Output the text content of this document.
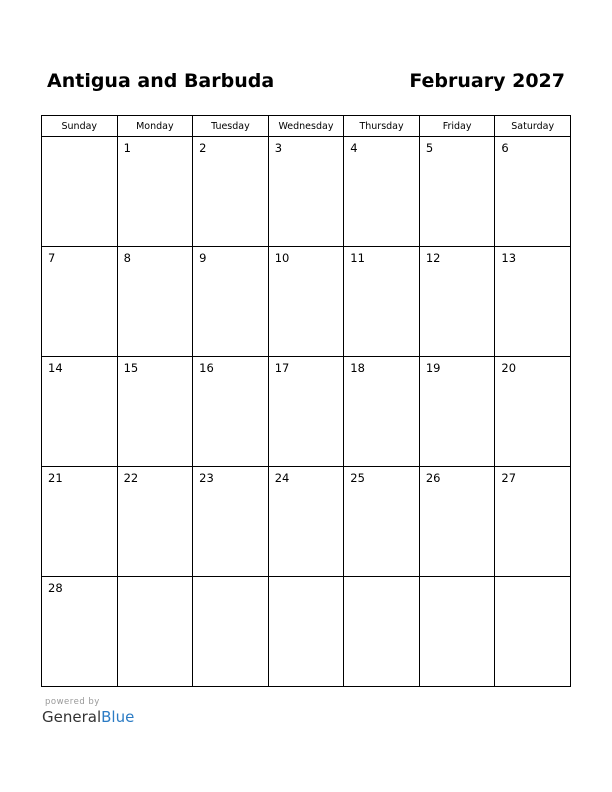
Antigua and Barbuda	February 2027
Sunday	Monday	Tuesday	Wednesday	Thursday	Friday	Saturday

	1	2	3	4	5	6

7	8	9	10	11	12	13

14	15	16	17	18	19	20

21	22	23	24	25	26	27

28						

powered by
GeneralBlue
